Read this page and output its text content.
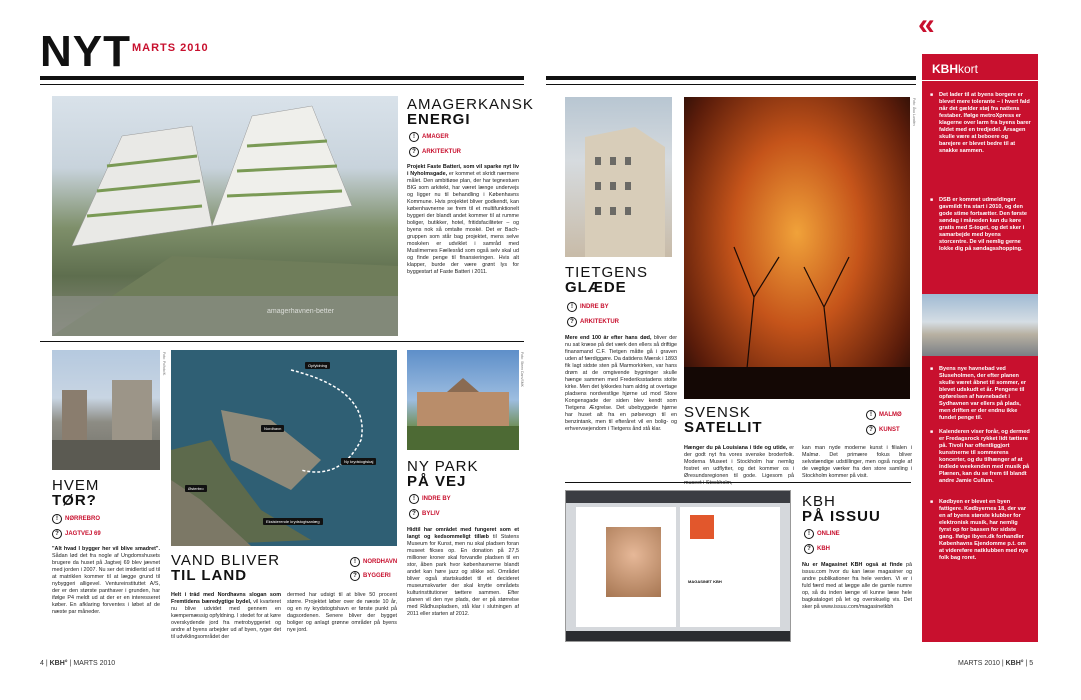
NYT MARTS 2010
«
amagerhavnen-better
AMAGERKANSK
ENERGI
!	AMAGER
?	ARKITEKTUR
Projekt Faste Batteri, som vil sparke nyt liv i Nyholmsgade, er kommet et skridt nærmere målet. Den ambitiøse plan, der har tegnestuen BIG som arkitekt, har været længe undervejs og ligger nu til behandling i Københavns Kommune. Hvis projektet bliver godkendt, kan københavnerne se frem til et multifunktionelt byggeri der blandt andet kommer til at rumme boliger, butikker, hotel, fritidsfaciliteter – og byens nok så omtalte moské. Det er Bach-gruppen som står bag projektet, mens selve moskéen er udviklet i samråd med Muslimernes Fællesråd som også selv skal ud og finde penge til finansieringen. Hvis alt klapper, burde der være grønt lys for byggestart af Faste Batteri i 2011.
Foto: Polfoto/K.
HVEM
TØR?
!	NØRREBRO
?	JAGTVEJ 69
"Alt hvad I bygger her vil blive smadret". Sådan lød det fra nogle af Ungdomshusets brugere da huset på Jagtvej 69 blev jævnet med jorden i 2007. Nu ser det imidlertid ud til at matriklen kommer til at lægge grund til nybyggeri alligevel. Ventureinstituttet A/S, der er den største panthaver i grunden, har ifølge P4 meldt ud at der er en interesseret køber. En afklaring forventes i løbet af de næste par måneder.
Opfyldning
Nordhavn
Ny krydstogtskaj
Østerbro
Eksisterende krydstogtsanlæg
VAND BLIVER
TIL LAND
!	NORDHAVN
?	BYGGERI
Helt i tråd med Nordhavns slogan som Fremtidens bæredygtige bydel, vil kvarteret nu blive udvidet med gennem en kæmpemæssig opfyldning. I stedet for at køre overskydende jord fra metrobyggeriet og andre af byens arbejder ud af byen, ryger det til udviklingsområdet der
dermed har udsigt til at blive 50 procent større. Projektet løber over de næste 10 år, og en ny krydstogtshavn er første punkt på dagsordenen. Senere bliver der bygget boliger og anlagt grønne områder på byens nye jord.
Foto: Steen Dam/SMK
NY PARK
PÅ VEJ
!	INDRE BY
?	BYLIV
Hidtil har området med fungeret som et langt og kedsommeligt tillæb til Statens Museum for Kunst, men nu skal pladsen foran museet fikses op. En donation på 27,5 millioner kroner skal forvandle pladsen til en stor, åben park hvor københavnerne blandt andet kan høre jazz og slikke sol. Området bliver også startskuddet til et decideret museumskvarter der skal knytte områdets kulturinstitutioner tættere sammen. Efter planen vil den nye plads, der er på størrelse med Rådhuspladsen, stå klar i slutningen af 2011 eller starten af 2012.
TIETGENS
GLÆDE
!	INDRE BY
?	ARKITEKTUR
Mere end 100 år efter hans død, bliver der nu sat kræse på det værk den ellers så driftige finansmand C.F. Tietgen måtte gå i graven uden af færdiggøre. Da datidens Mærsk i 1893 fik lagt sidste sten på Marmorkirken, var hans drøm at de omgivende bygninger skulle hænge sammen med Frederiksstadens stolte kirke. Men det lykkedes ham aldrig at overtage pladsens nordvestlige hjørne ud mod Store Kongensgade der siden blev kendt som Tietgens Ærgrelse. Det ubebyggede hjørne har huset alt fra en pølsevogn til en benzintank, men til efteråret vil en bolig- og erhvervsejendom i Tietgens ånd stå klar.
Foto: Åsa Lundén
SVENSK
SATELLIT
!	MALMØ
?	KUNST
Hænger du på Louisiana i tide og utide, er der godt nyt fra vores svenske broderfolk. Moderna Museet i Stockholm har nemlig fostret en udflytter, og det kommer os i Øresundsregionen til gode. Ligesom på
kan man nyde moderne kunst i filialen i Malmø. Det primære fokus bliver selvstændige udstillinger, men også nogle af de vægtige værker fra den store samling i Stockholm kommer på visit.
MAGASINET KBH
KBH
PÅ ISSUU
!	ONLINE
?	KBH
Nu er Magasinet KBH også at finde på issuu.com hvor du kan læse magasiner og andre publikationer fra hele verden. Vi er i fuld færd med at lægge alle de gamle numre op, så du inden længe vil kunne læse hele bagkataloget på let og overskuelig vis. Det sker på www.issuu.com/magasinetkbh
KBHkort
■ Det lader til at byens borgere er blevet mere tolerante – i hvert fald når det gælder støj fra nattens festaber. Ifølge metroXpress er klagerne over larm fra byens barer faldet med en tredjedel. Årsagen skulle være at beboere og barejere er blevet bedre til at snakke sammen.
■ DSB er kommet udmeldinger gavmildt fra start i 2010, og den gode stime fortsætter. Den første søndag i måneden kan du køre gratis med S-toget, og det sker i samarbejde med byens storcentre. De vil nemlig gerne lokke dig på søndagsshopping.
■ Byens nye havnebad ved Sluseholmen, der efter planen skulle været åbnet til sommer, er blevet udskudt et år. Pengene til opførelsen af havnebadet i Sydhavnen var ellers på plads, men driften er der endnu ikke fundet penge til.
■ Kalenderen viser forår, og dermed er Fredagsrock rykket lidt tættere på. Tivoli har offentliggjort kunstnerne til sommerens koncerter, og du tilhænger af at indlede weekenden med musik på Plænen, kan du se frem til blandt andre Jamie Cullum.
■ Kødbyen er blevet en byen fattigere. Kødbyernes 18, der var en af byens største klubber for elektronisk musik, har nemlig fyrst op for bassen for sidste gang. Ifølge ibyen.dk forhandler Københavns Ejendomme p.t. om at videreføre natklubben med nye folk bag roret.
4 | KBH° | MARTS 2010	MARTS 2010 | KBH° | 5
